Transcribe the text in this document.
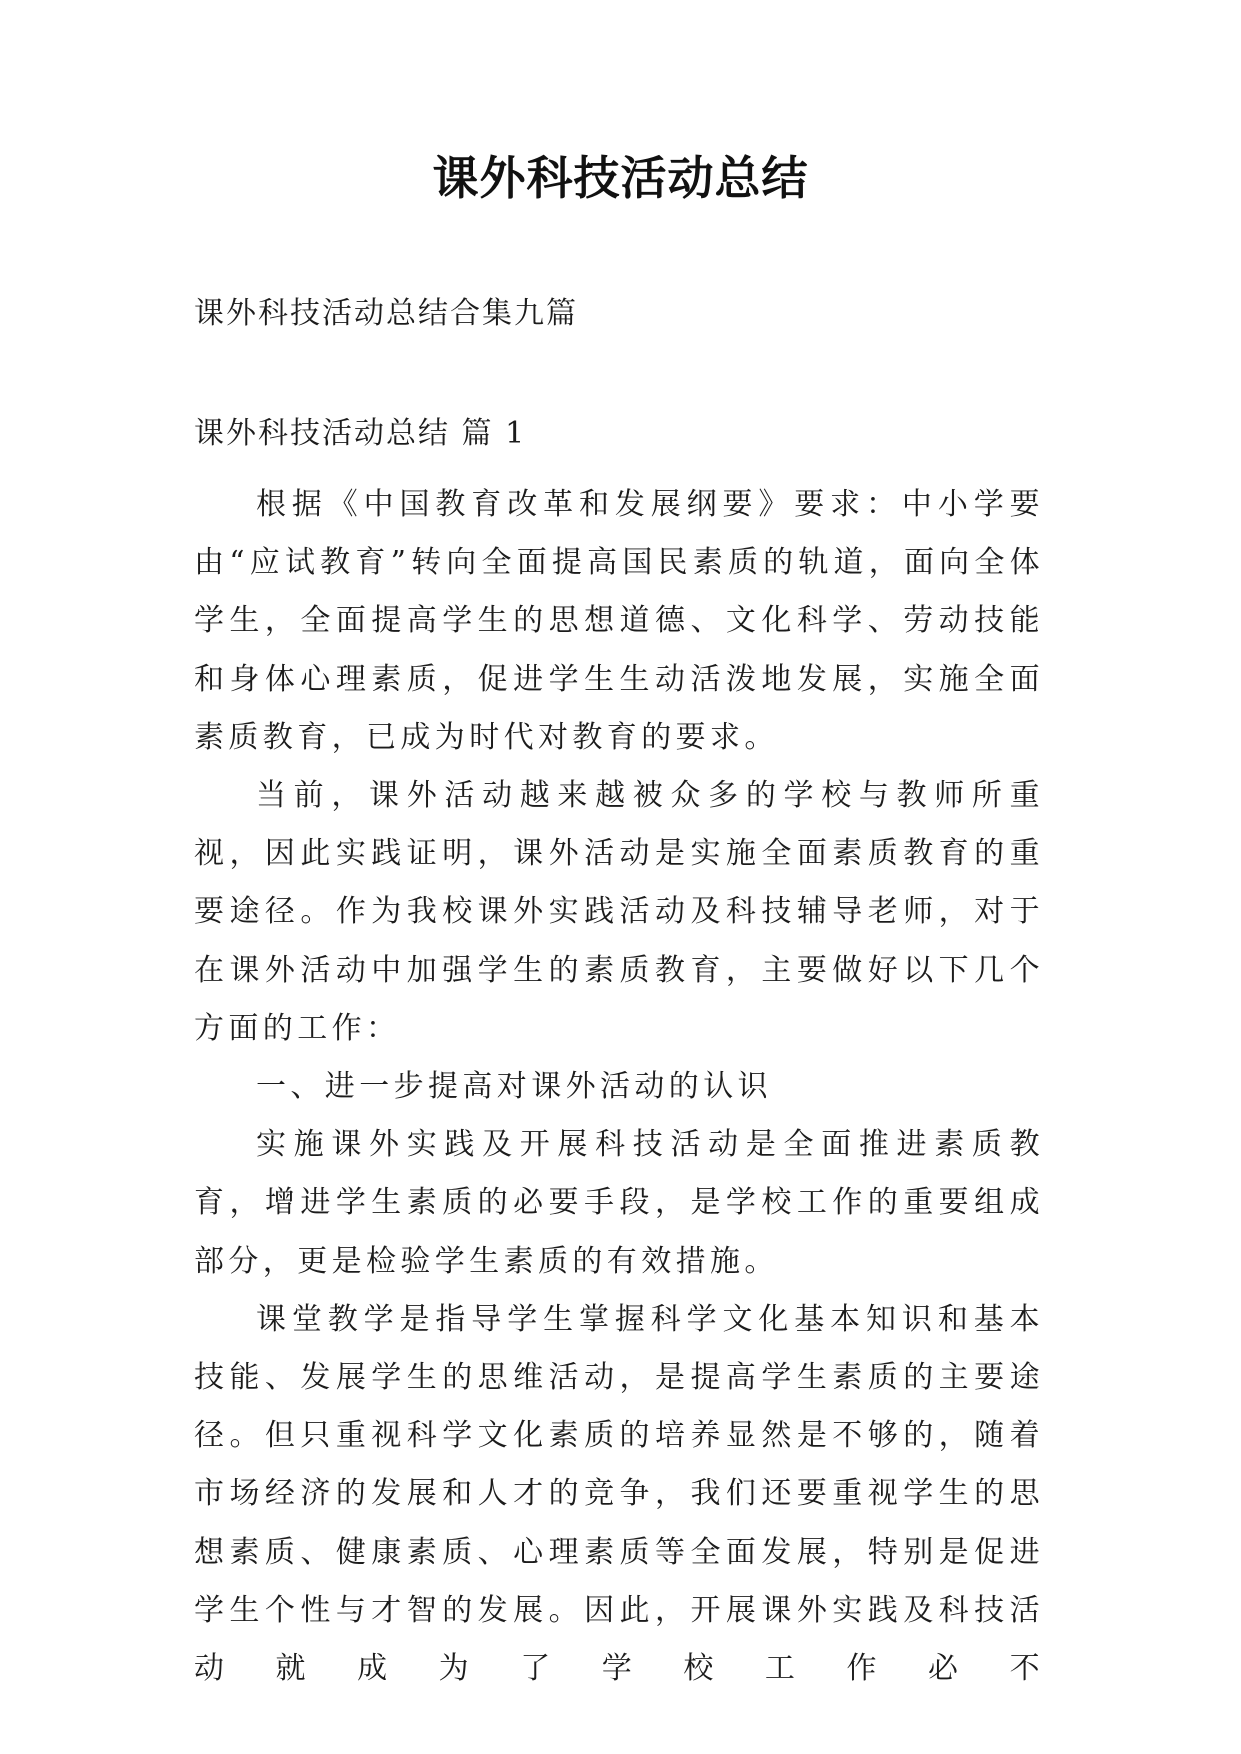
课外科技活动总结
课外科技活动总结合集九篇
课外科技活动总结 篇 1

根据《中国教育改革和发展纲要》要求：中小学要由“应试教育”转向全面提高国民素质的轨道，面向全体学生，全面提高学生的思想道德、文化科学、劳动技能和身体心理素质，促进学生生动活泼地发展，实施全面素质教育，已成为时代对教育的要求。

当前，课外活动越来越被众多的学校与教师所重视，因此实践证明，课外活动是实施全面素质教育的重要途径。作为我校课外实践活动及科技辅导老师，对于在课外活动中加强学生的素质教育，主要做好以下几个方面的工作：

一、进一步提高对课外活动的认识

实施课外实践及开展科技活动是全面推进素质教育，增进学生素质的必要手段，是学校工作的重要组成部分，更是检验学生素质的有效措施。

课堂教学是指导学生掌握科学文化基本知识和基本技能、发展学生的思维活动，是提高学生素质的主要途径。但只重视科学文化素质的培养显然是不够的，随着市场经济的发展和人才的竞争，我们还要重视学生的思想素质、健康素质、心理素质等全面发展，特别是促进学生个性与才智的发展。因此，开展课外实践及科技活动就成为了学校工作必不
